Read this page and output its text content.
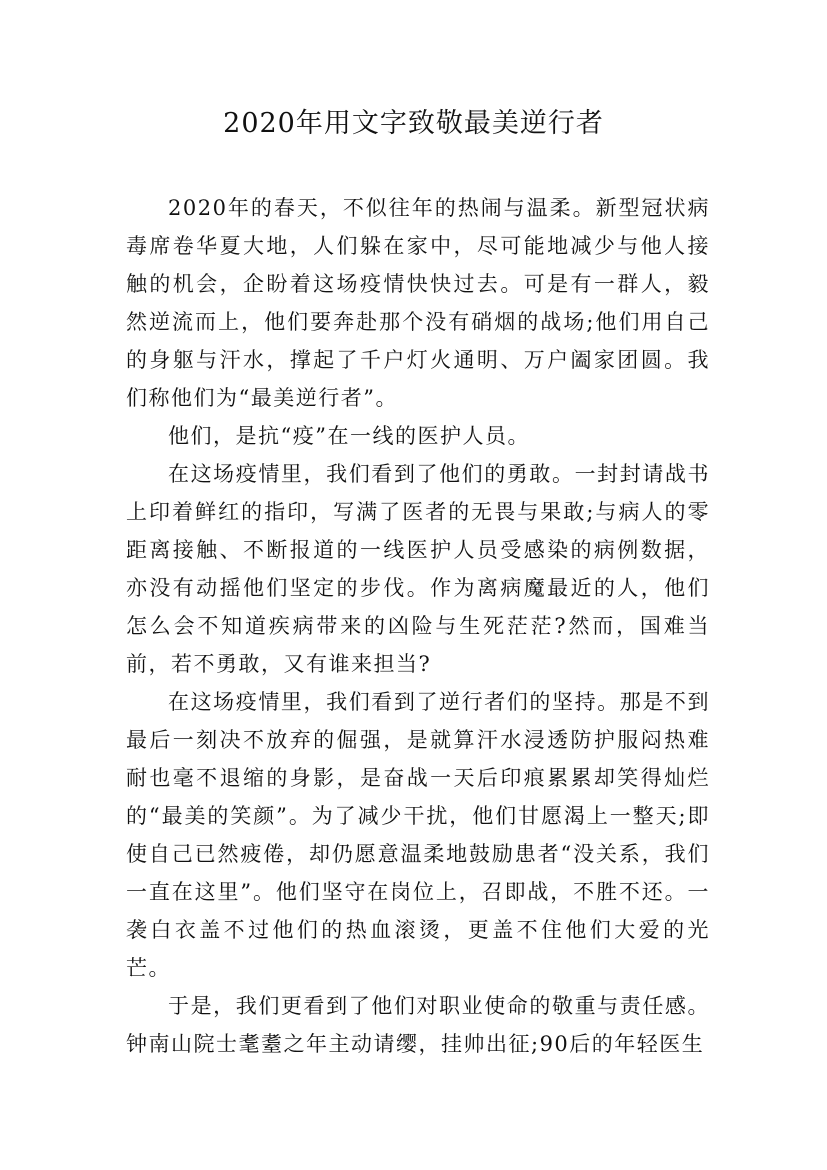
2020年用文字致敬最美逆行者

2020年的春天，不似往年的热闹与温柔。新型冠状病毒席卷华夏大地，人们躲在家中，尽可能地减少与他人接触的机会，企盼着这场疫情快快过去。可是有一群人，毅然逆流而上，他们要奔赴那个没有硝烟的战场;他们用自己的身躯与汗水，撑起了千户灯火通明、万户阖家团圆。我们称他们为“最美逆行者”。

他们，是抗“疫”在一线的医护人员。

在这场疫情里，我们看到了他们的勇敢。一封封请战书上印着鲜红的指印，写满了医者的无畏与果敢;与病人的零距离接触、不断报道的一线医护人员受感染的病例数据，亦没有动摇他们坚定的步伐。作为离病魔最近的人，他们怎么会不知道疾病带来的凶险与生死茫茫?然而，国难当前，若不勇敢，又有谁来担当?

在这场疫情里，我们看到了逆行者们的坚持。那是不到最后一刻决不放弃的倔强，是就算汗水浸透防护服闷热难耐也毫不退缩的身影，是奋战一天后印痕累累却笑得灿烂的“最美的笑颜”。为了减少干扰，他们甘愿渴上一整天;即使自己已然疲倦，却仍愿意温柔地鼓励患者“没关系，我们一直在这里”。他们坚守在岗位上，召即战，不胜不还。一袭白衣盖不过他们的热血滚烫，更盖不住他们大爱的光芒。

于是，我们更看到了他们对职业使命的敬重与责任感。钟南山院士耄耋之年主动请缨，挂帅出征;90后的年轻医生
